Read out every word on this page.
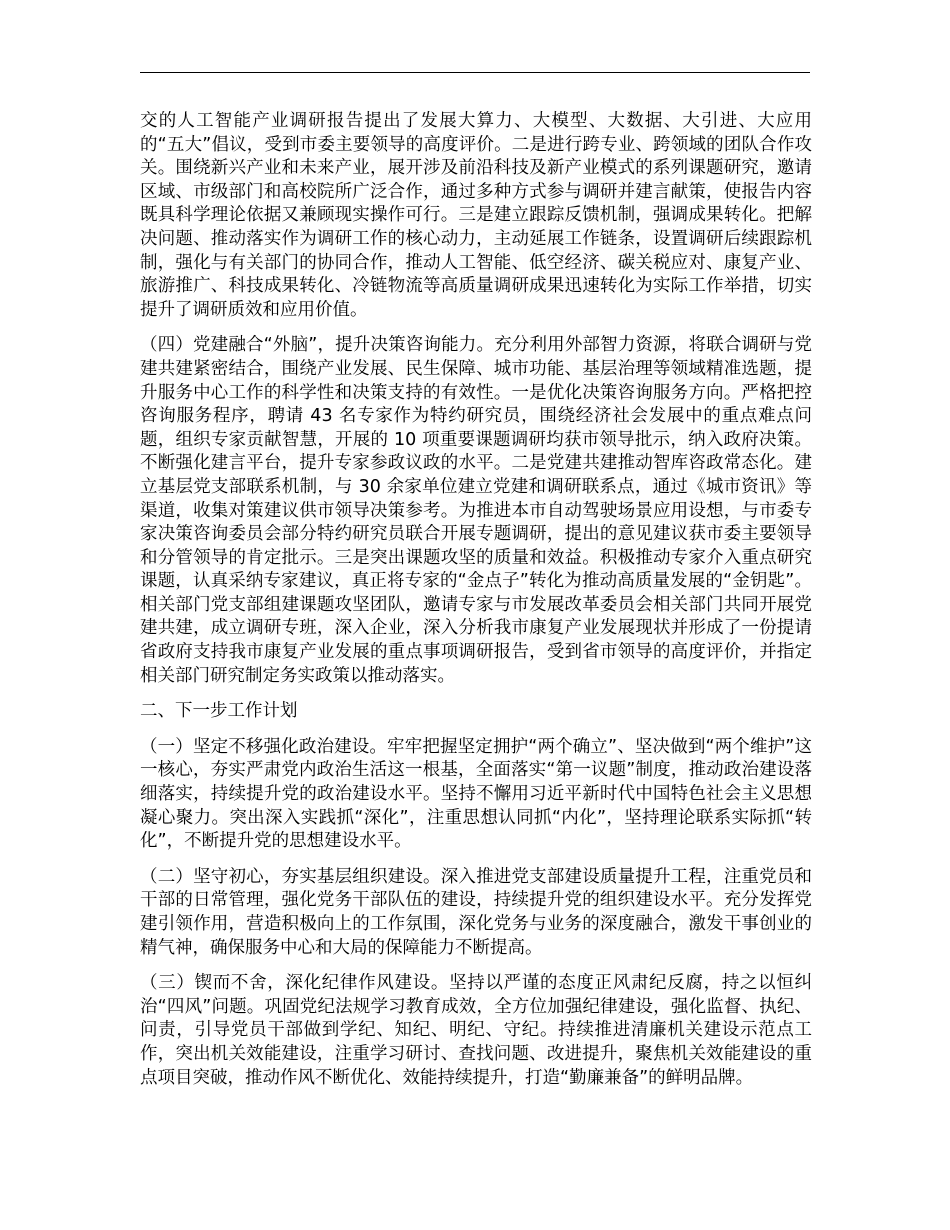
交的人工智能产业调研报告提出了发展大算力、大模型、大数据、大引进、大应用的“五大”倡议，受到市委主要领导的高度评价。二是进行跨专业、跨领域的团队合作攻关。围绕新兴产业和未来产业，展开涉及前沿科技及新产业模式的系列课题研究，邀请区域、市级部门和高校院所广泛合作，通过多种方式参与调研并建言献策，使报告内容既具科学理论依据又兼顾现实操作可行。三是建立跟踪反馈机制，强调成果转化。把解决问题、推动落实作为调研工作的核心动力，主动延展工作链条，设置调研后续跟踪机制，强化与有关部门的协同合作，推动人工智能、低空经济、碳关税应对、康复产业、旅游推广、科技成果转化、冷链物流等高质量调研成果迅速转化为实际工作举措，切实提升了调研质效和应用价值。

（四）党建融合“外脑”，提升决策咨询能力。充分利用外部智力资源，将联合调研与党建共建紧密结合，围绕产业发展、民生保障、城市功能、基层治理等领域精准选题，提升服务中心工作的科学性和决策支持的有效性。一是优化决策咨询服务方向。严格把控咨询服务程序，聘请 43 名专家作为特约研究员，围绕经济社会发展中的重点难点问题，组织专家贡献智慧，开展的 10 项重要课题调研均获市领导批示，纳入政府决策。不断强化建言平台，提升专家参政议政的水平。二是党建共建推动智库咨政常态化。建立基层党支部联系机制，与 30 余家单位建立党建和调研联系点，通过《城市资讯》等渠道，收集对策建议供市领导决策参考。为推进本市自动驾驶场景应用设想，与市委专家决策咨询委员会部分特约研究员联合开展专题调研，提出的意见建议获市委主要领导和分管领导的肯定批示。三是突出课题攻坚的质量和效益。积极推动专家介入重点研究课题，认真采纳专家建议，真正将专家的“金点子”转化为推动高质量发展的“金钥匙”。相关部门党支部组建课题攻坚团队，邀请专家与市发展改革委员会相关部门共同开展党建共建，成立调研专班，深入企业，深入分析我市康复产业发展现状并形成了一份提请省政府支持我市康复产业发展的重点事项调研报告，受到省市领导的高度评价，并指定相关部门研究制定务实政策以推动落实。

二、下一步工作计划

（一）坚定不移强化政治建设。牢牢把握坚定拥护“两个确立”、坚决做到“两个维护”这一核心，夯实严肃党内政治生活这一根基，全面落实“第一议题”制度，推动政治建设落细落实，持续提升党的政治建设水平。坚持不懈用习近平新时代中国特色社会主义思想凝心聚力。突出深入实践抓“深化”，注重思想认同抓“内化”，坚持理论联系实际抓“转化”，不断提升党的思想建设水平。

（二）坚守初心，夯实基层组织建设。深入推进党支部建设质量提升工程，注重党员和干部的日常管理，强化党务干部队伍的建设，持续提升党的组织建设水平。充分发挥党建引领作用，营造积极向上的工作氛围，深化党务与业务的深度融合，激发干事创业的精气神，确保服务中心和大局的保障能力不断提高。

（三）锲而不舍，深化纪律作风建设。坚持以严谨的态度正风肃纪反腐，持之以恒纠治“四风”问题。巩固党纪法规学习教育成效，全方位加强纪律建设，强化监督、执纪、问责，引导党员干部做到学纪、知纪、明纪、守纪。持续推进清廉机关建设示范点工作，突出机关效能建设，注重学习研讨、查找问题、改进提升，聚焦机关效能建设的重点项目突破，推动作风不断优化、效能持续提升，打造“勤廉兼备”的鲜明品牌。
